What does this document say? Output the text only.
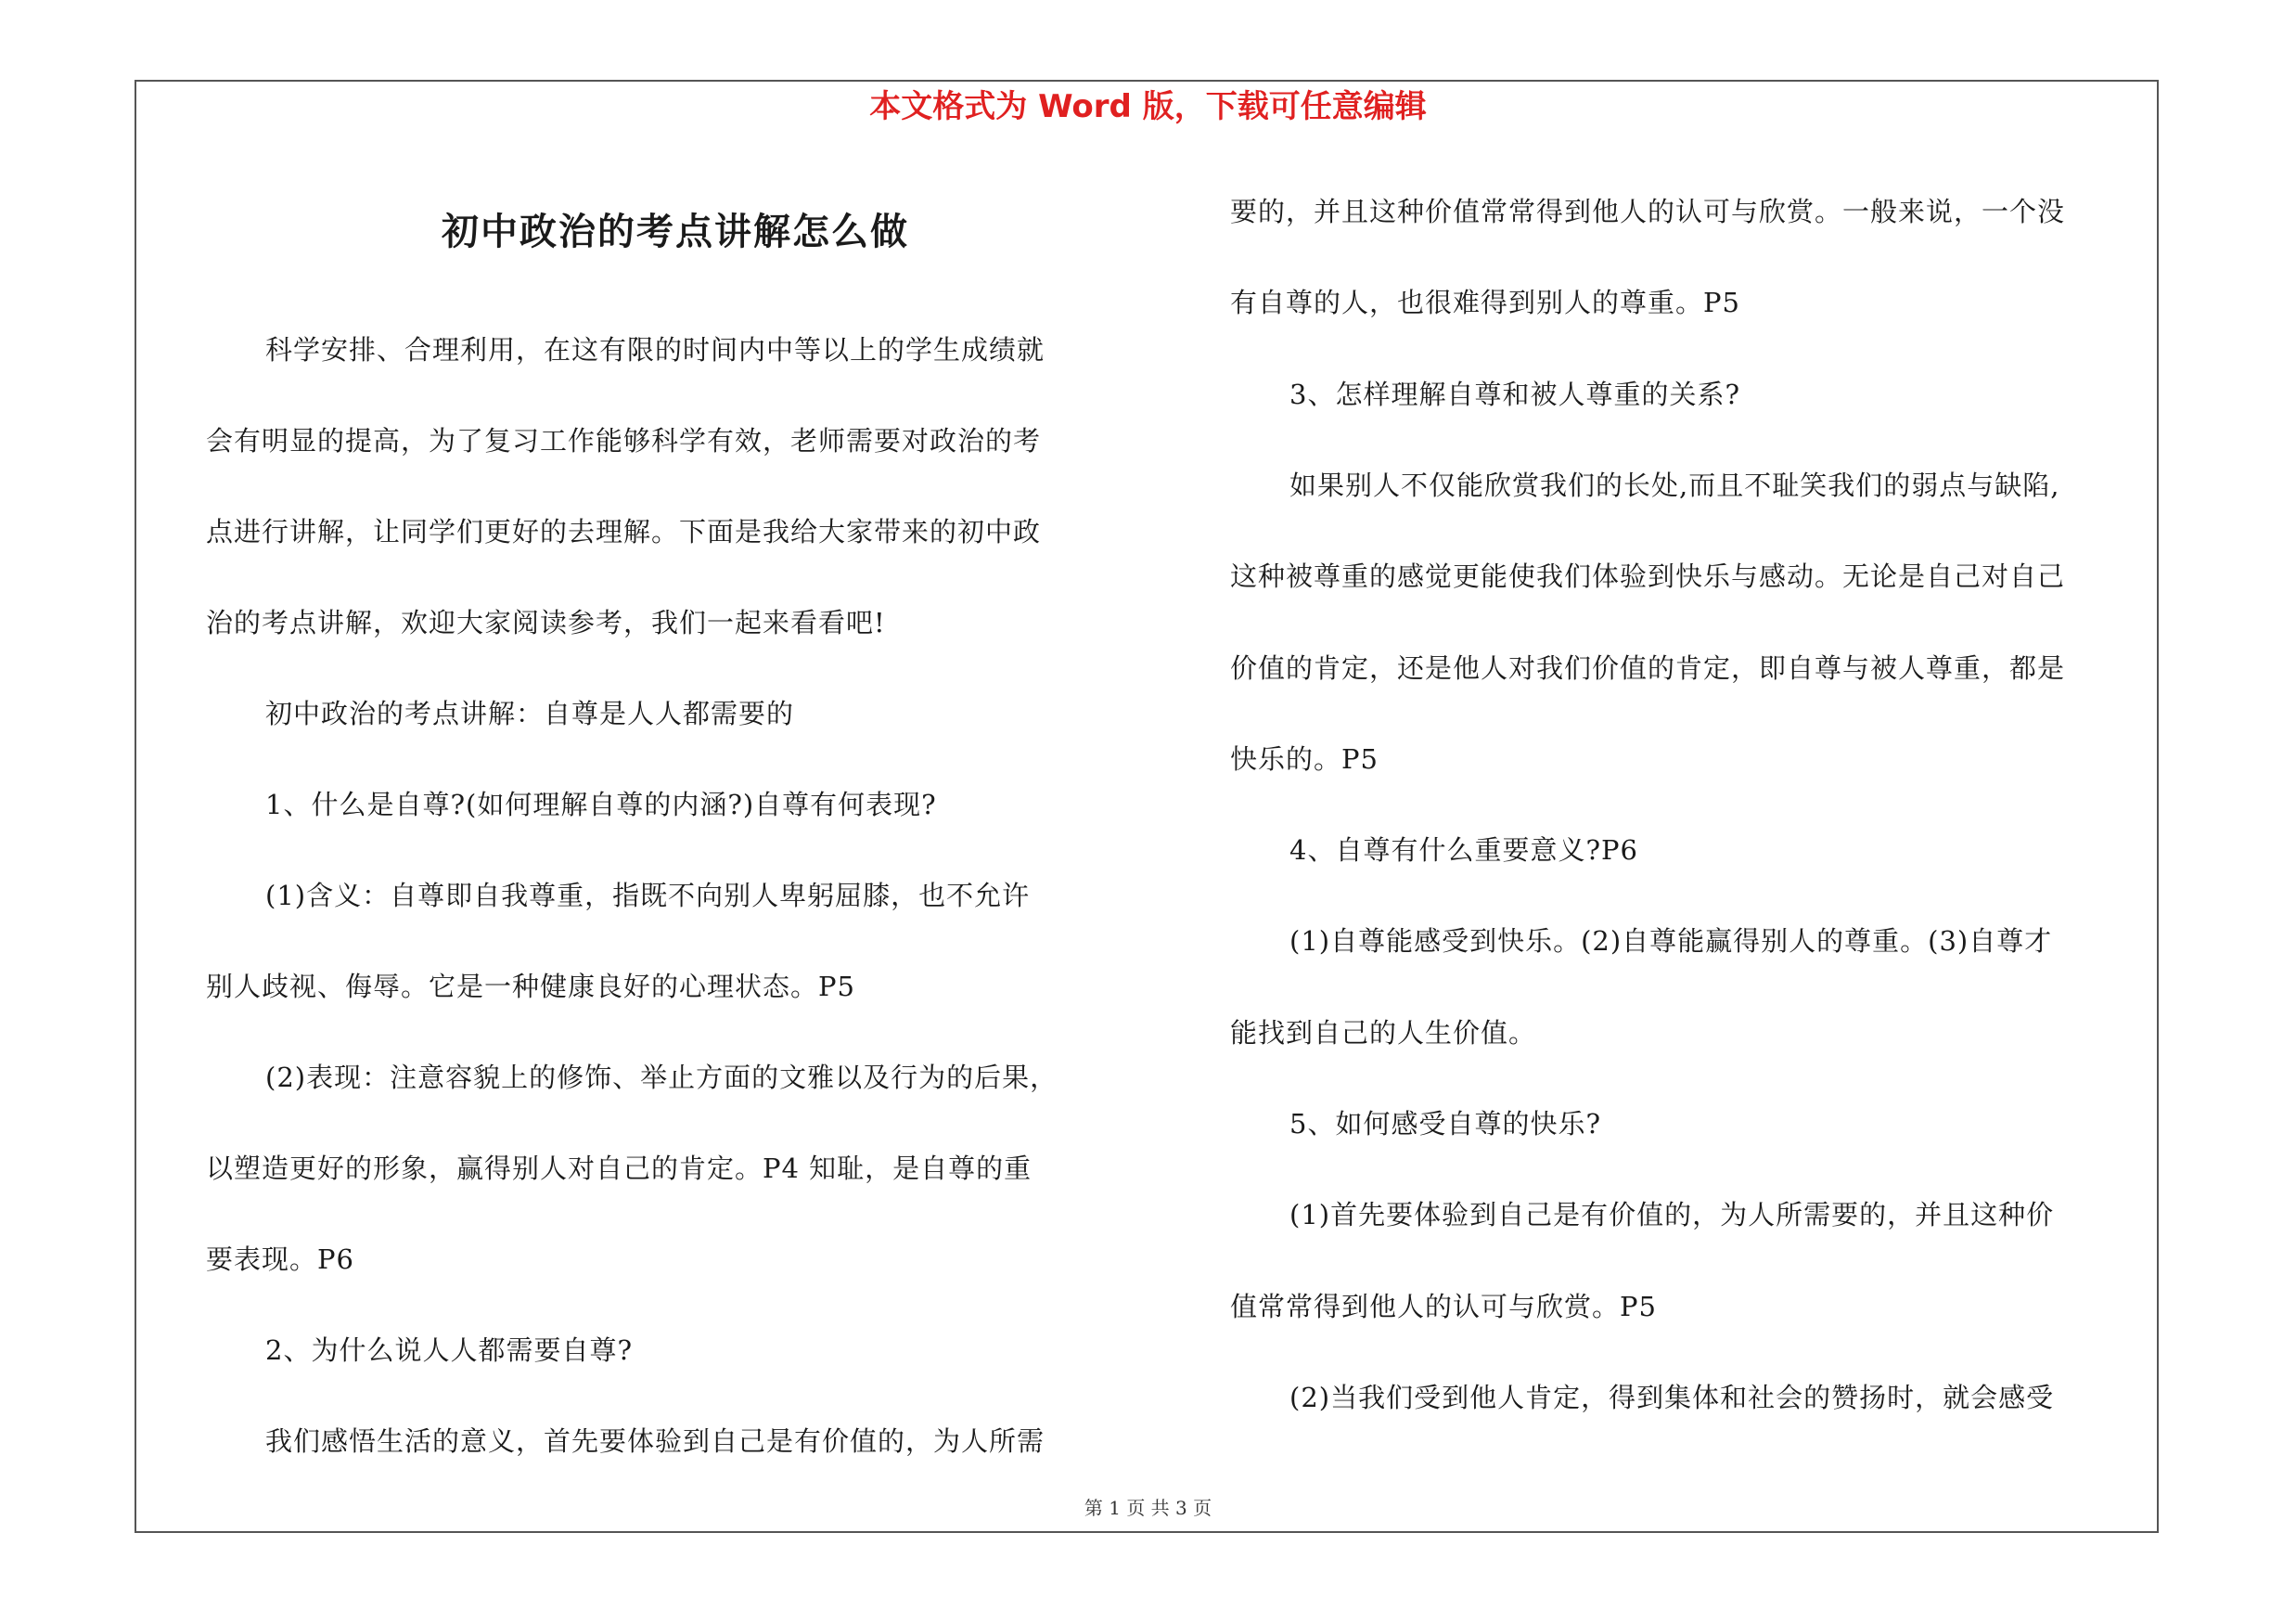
本文格式为 Word 版，下载可任意编辑
初中政治的考点讲解怎么做
科学安排、合理利用，在这有限的时间内中等以上的学生成绩就
会有明显的提高，为了复习工作能够科学有效，老师需要对政治的考
点进行讲解，让同学们更好的去理解。下面是我给大家带来的初中政
治的考点讲解，欢迎大家阅读参考，我们一起来看看吧!
初中政治的考点讲解：自尊是人人都需要的
1、什么是自尊?(如何理解自尊的内涵?)自尊有何表现?
(1)含义：自尊即自我尊重，指既不向别人卑躬屈膝，也不允许
别人歧视、侮辱。它是一种健康良好的心理状态。P5
(2)表现：注意容貌上的修饰、举止方面的文雅以及行为的后果，
以塑造更好的形象，赢得别人对自己的肯定。P4 知耻，是自尊的重
要表现。P6
2、为什么说人人都需要自尊?
我们感悟生活的意义，首先要体验到自己是有价值的，为人所需
要的，并且这种价值常常得到他人的认可与欣赏。一般来说，一个没
有自尊的人，也很难得到别人的尊重。P5
3、怎样理解自尊和被人尊重的关系?
如果别人不仅能欣赏我们的长处,而且不耻笑我们的弱点与缺陷,
这种被尊重的感觉更能使我们体验到快乐与感动。无论是自己对自己
价值的肯定，还是他人对我们价值的肯定，即自尊与被人尊重，都是
快乐的。P5
4、自尊有什么重要意义?P6
(1)自尊能感受到快乐。(2)自尊能赢得别人的尊重。(3)自尊才
能找到自己的人生价值。
5、如何感受自尊的快乐?
(1)首先要体验到自己是有价值的，为人所需要的，并且这种价
值常常得到他人的认可与欣赏。P5
(2)当我们受到他人肯定，得到集体和社会的赞扬时，就会感受
第 1 页 共 3 页
